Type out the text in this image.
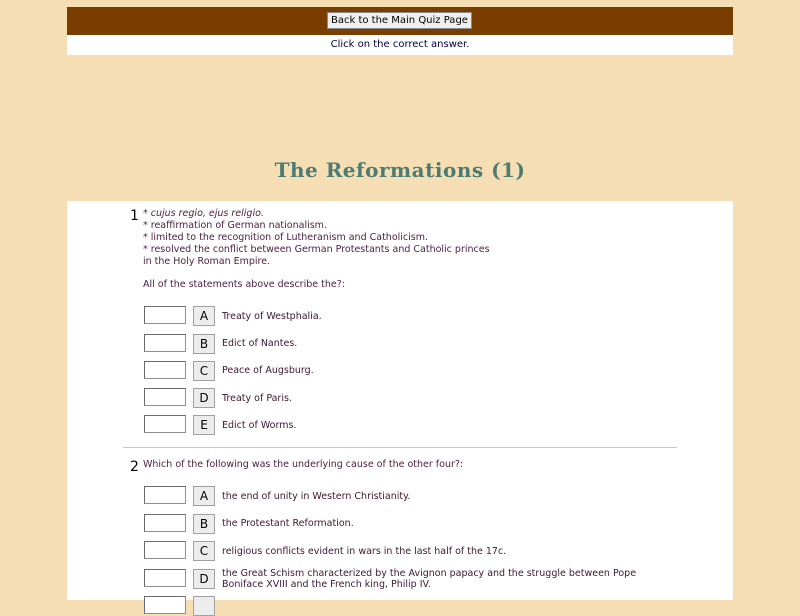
Back to the Main Quiz Page
Click on the correct answer.
The Reformations (1)
1 * cujus regio, ejus religio.
* reaffirmation of German nationalism.
* limited to the recognition of Lutheranism and Catholicism.
* resolved the conflict between German Protestants and Catholic princes
in the Holy Roman Empire.
All of the statements above describe the?:
A	Treaty of Westphalia.
B	Edict of Nantes.
C	Peace of Augsburg.
D	Treaty of Paris.
E	Edict of Worms.
2 Which of the following was the underlying cause of the other four?:
A	the end of unity in Western Christianity.
B	the Protestant Reformation.
C	religious conflicts evident in wars in the last half of the 17c.
D	the Great Schism characterized by the Avignon papacy and the struggle between Pope
Boniface XVIII and the French king, Philip IV.
